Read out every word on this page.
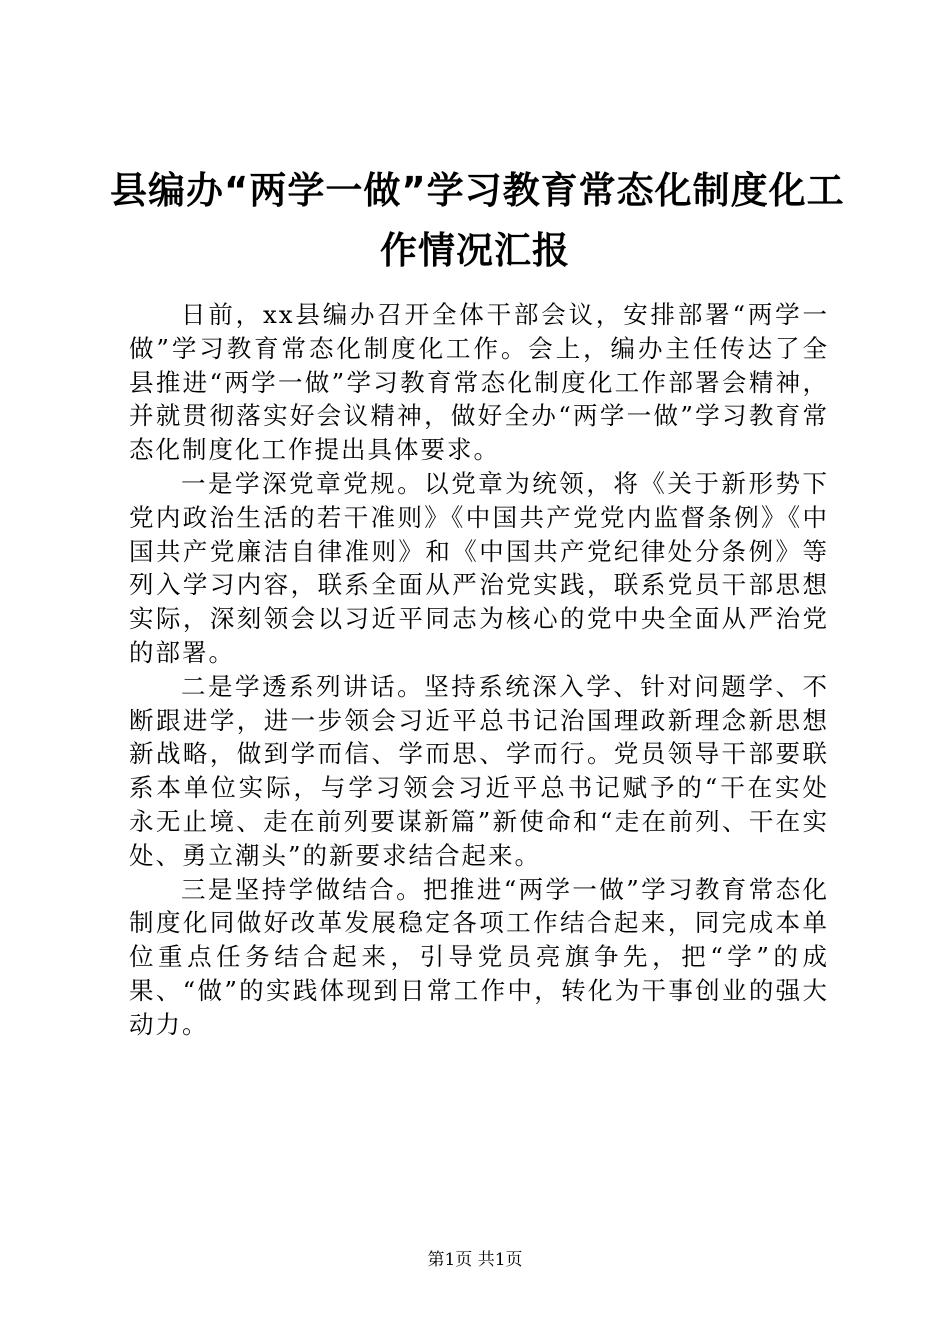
县编办“两学一做”学习教育常态化制度化工
作情况汇报

日前，xx县编办召开全体干部会议，安排部署“两学一做”学习教育常态化制度化工作。会上，编办主任传达了全县推进“两学一做”学习教育常态化制度化工作部署会精神，并就贯彻落实好会议精神，做好全办“两学一做”学习教育常态化制度化工作提出具体要求。

一是学深党章党规。以党章为统领，将《关于新形势下党内政治生活的若干准则》《中国共产党党内监督条例》《中国共产党廉洁自律准则》和《中国共产党纪律处分条例》等列入学习内容，联系全面从严治党实践，联系党员干部思想实际，深刻领会以习近平同志为核心的党中央全面从严治党的部署。

二是学透系列讲话。坚持系统深入学、针对问题学、不断跟进学，进一步领会习近平总书记治国理政新理念新思想新战略，做到学而信、学而思、学而行。党员领导干部要联系本单位实际，与学习领会习近平总书记赋予的“干在实处永无止境、走在前列要谋新篇”新使命和“走在前列、干在实处、勇立潮头”的新要求结合起来。

三是坚持学做结合。把推进“两学一做”学习教育常态化制度化同做好改革发展稳定各项工作结合起来，同完成本单位重点任务结合起来，引导党员亮旗争先，把“学”的成果、“做”的实践体现到日常工作中，转化为干事创业的强大动力。

第1页 共1页
